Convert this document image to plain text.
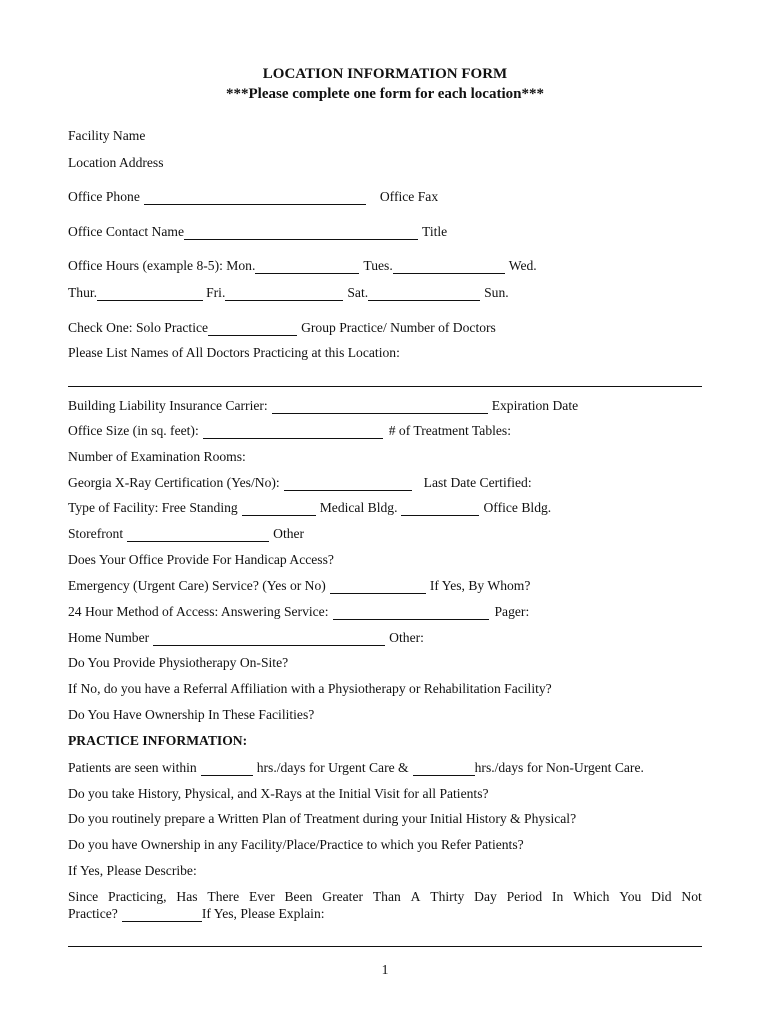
LOCATION INFORMATION FORM
***Please complete one form for each location***
Facility Name
Location Address
Office Phone	Office Fax
Office Contact Name	Title
Office Hours (example 8-5): Mon.	Tues.	Wed.
Thur.	Fri.	Sat.	Sun.
Check One: Solo Practice	Group Practice/ Number of Doctors
Please List Names of All Doctors Practicing at this Location:
Building Liability Insurance Carrier:	Expiration Date
Office Size (in sq. feet):	# of Treatment Tables:
Number of Examination Rooms:
Georgia X-Ray Certification (Yes/No):	Last Date Certified:
Type of Facility: Free Standing	Medical Bldg.	Office Bldg.
Storefront	Other
Does Your Office Provide For Handicap Access?
Emergency (Urgent Care) Service? (Yes or No)	If Yes, By Whom?
24 Hour Method of Access: Answering Service:	Pager:
Home Number	Other:
Do You Provide Physiotherapy On-Site?
If No, do you have a Referral Affiliation with a Physiotherapy or Rehabilitation Facility?
Do You Have Ownership In These Facilities?
PRACTICE INFORMATION:
Patients are seen within	hrs./days for Urgent Care &	hrs./days for Non-Urgent Care.
Do you take History, Physical, and X-Rays at the Initial Visit for all Patients?
Do you routinely prepare a Written Plan of Treatment during your Initial History & Physical?
Do you have Ownership in any Facility/Place/Practice to which you Refer Patients?
If Yes, Please Describe:
Since Practicing, Has There Ever Been Greater Than A Thirty Day Period In Which You Did Not
Practice?	If Yes, Please Explain:
1
